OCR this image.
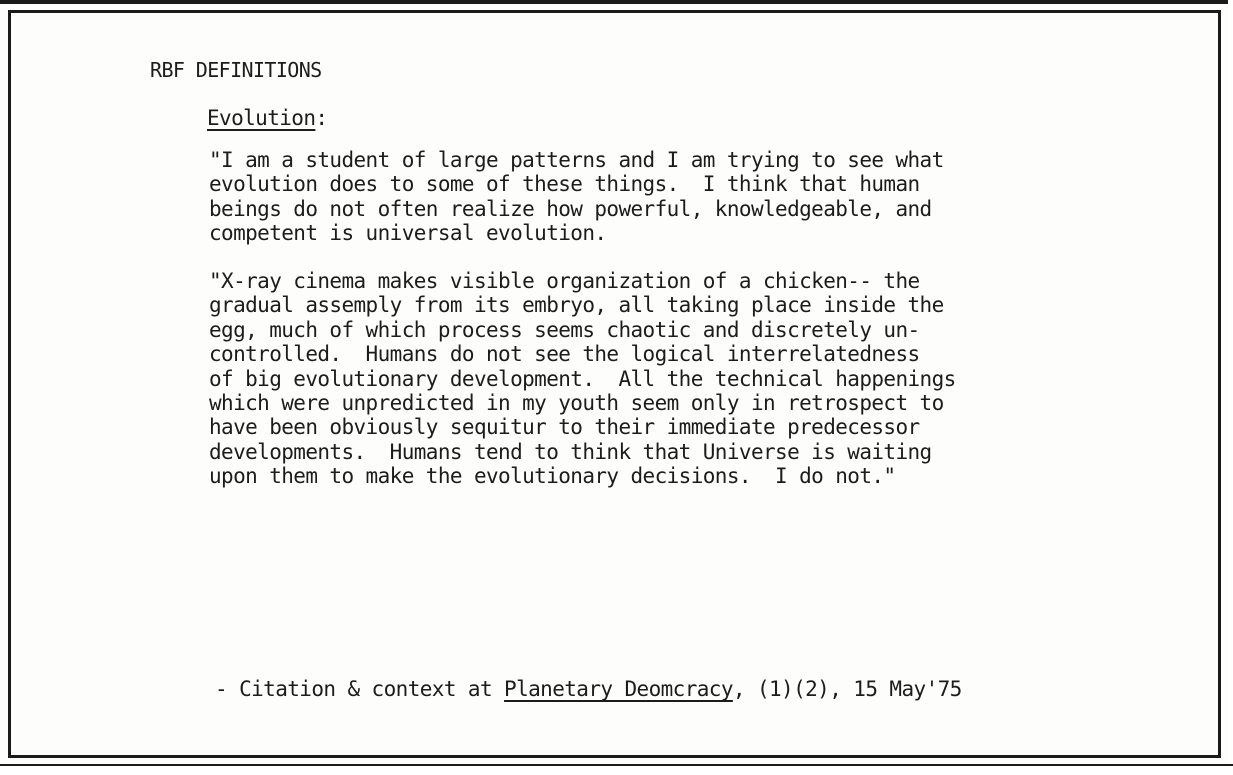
RBF DEFINITIONS
Evolution:

"I am a student of large patterns and I am trying to see what
evolution does to some of these things.  I think that human
beings do not often realize how powerful, knowledgeable, and
competent is universal evolution.

"X-ray cinema makes visible organization of a chicken-- the
gradual assemply from its embryo, all taking place inside the
egg, much of which process seems chaotic and discretely un-
controlled.  Humans do not see the logical interrelatedness
of big evolutionary development.  All the technical happenings
which were unpredicted in my youth seem only in retrospect to
have been obviously sequitur to their immediate predecessor
developments.  Humans tend to think that Universe is waiting
upon them to make the evolutionary decisions.  I do not."

- Citation & context at Planetary Deomcracy, (1)(2), 15 May'75
